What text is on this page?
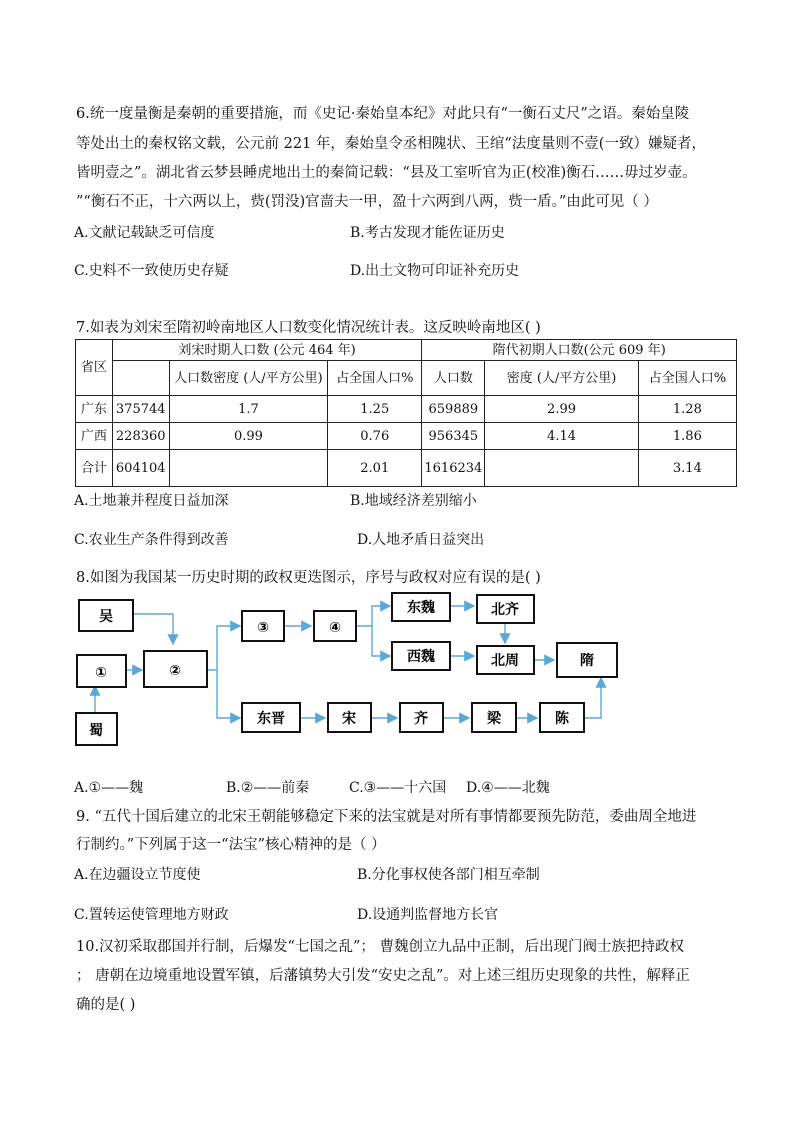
6.统一度量衡是秦朝的重要措施，而《史记·秦始皇本纪》对此只有“一衡石丈尺”之语。秦始皇陵
等处出土的秦权铭文载，公元前 221 年，秦始皇令丞相隗状、王绾“法度量则不壹(一致）嫌疑者，
皆明壹之”。湖北省云梦县睡虎地出土的秦简记载：“县及工室听官为正(校准)衡石……毋过岁壶。
”“衡石不正，十六两以上，赀(罚没)官啬夫一甲，盈十六两到八两，赀一盾。”由此可见（ ）
A.文献记载缺乏可信度	B.考古发现才能佐证历史
C.史料不一致使历史存疑	D.出土文物可印证补充历史
7.如表为刘宋至隋初岭南地区人口数变化情况统计表。这反映岭南地区( )
省区	刘宋时期人口数 (公元 464 年)			隋代初期人口数(公元 609 年)		
		人口数密度 (人/平方公里)	占全国人口%	人口数	密度 (人/平方公里)	占全国人口%
广东	375744	1.7	1.25	659889	2.99	1.28
广西	228360	0.99	0.76	956345	4.14	1.86
合计	604104		2.01	1616234		3.14
A.土地兼并程度日益加深	B.地域经济差别缩小
C.农业生产条件得到改善	D.人地矛盾日益突出
8.如图为我国某一历史时期的政权更迭图示，序号与政权对应有误的是( )
吴
①
蜀
②
③	④
东魏	北齐
西魏	北周	隋
东晋	宋	齐	梁	陈
A.①——魏	B.②——前秦	C.③——十六国 D.④——北魏
9. “五代十国后建立的北宋王朝能够稳定下来的法宝就是对所有事情都要预先防范，委曲周全地进
行制约。”下列属于这一“法宝”核心精神的是（ ）
A.在边疆设立节度使	B.分化事权使各部门相互牵制
C.置转运使管理地方财政	D.设通判监督地方长官
10.汉初采取郡国并行制，后爆发“七国之乱”； 曹魏创立九品中正制，后出现门阀士族把持政权
； 唐朝在边境重地设置军镇，后藩镇势大引发“安史之乱”。对上述三组历史现象的共性，解释正
确的是( )
